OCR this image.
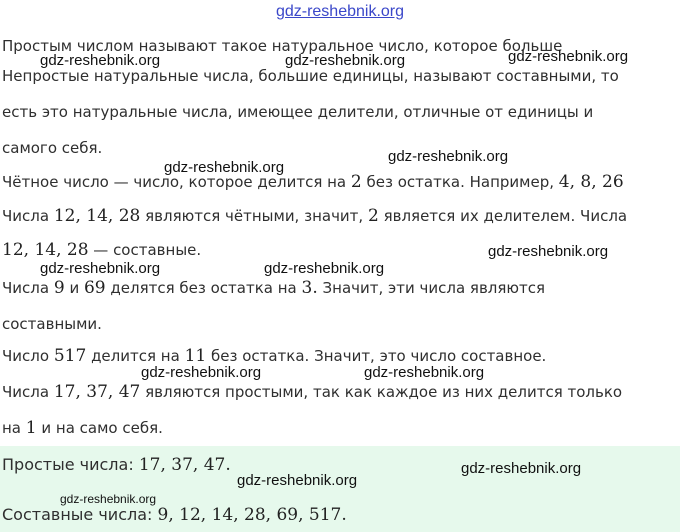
gdz-reshebnik.org
Простым числом называют такое натуральное число, которое больше
Непростые натуральные числа, большие единицы, называют составными, то
есть это натуральные числа, имеющее делители, отличные от единицы и
самого себя.
Чётное число — число, которое делится на 2 без остатка. Например, 4, 8, 26
Числа 12, 14, 28 являются чётными, значит, 2 является их делителем. Числа
12, 14, 28 — составные.
Числа 9 и 69 делятся без остатка на 3. Значит, эти числа являются
составными.
Число 517 делится на 11 без остатка. Значит, это число составное.
Числа 17, 37, 47 являются простыми, так как каждое из них делится только
на 1 и на само себя.
Простые числа: 17, 37, 47.
Составные числа: 9, 12, 14, 28, 69, 517.
gdz-reshebnik.org	gdz-reshebnik.org	gdz-reshebnik.org
gdz-reshebnik.org
gdz-reshebnik.org
gdz-reshebnik.org
gdz-reshebnik.org	gdz-reshebnik.org
gdz-reshebnik.org	gdz-reshebnik.org
gdz-reshebnik.org
gdz-reshebnik.org
gdz-reshebnik.org
